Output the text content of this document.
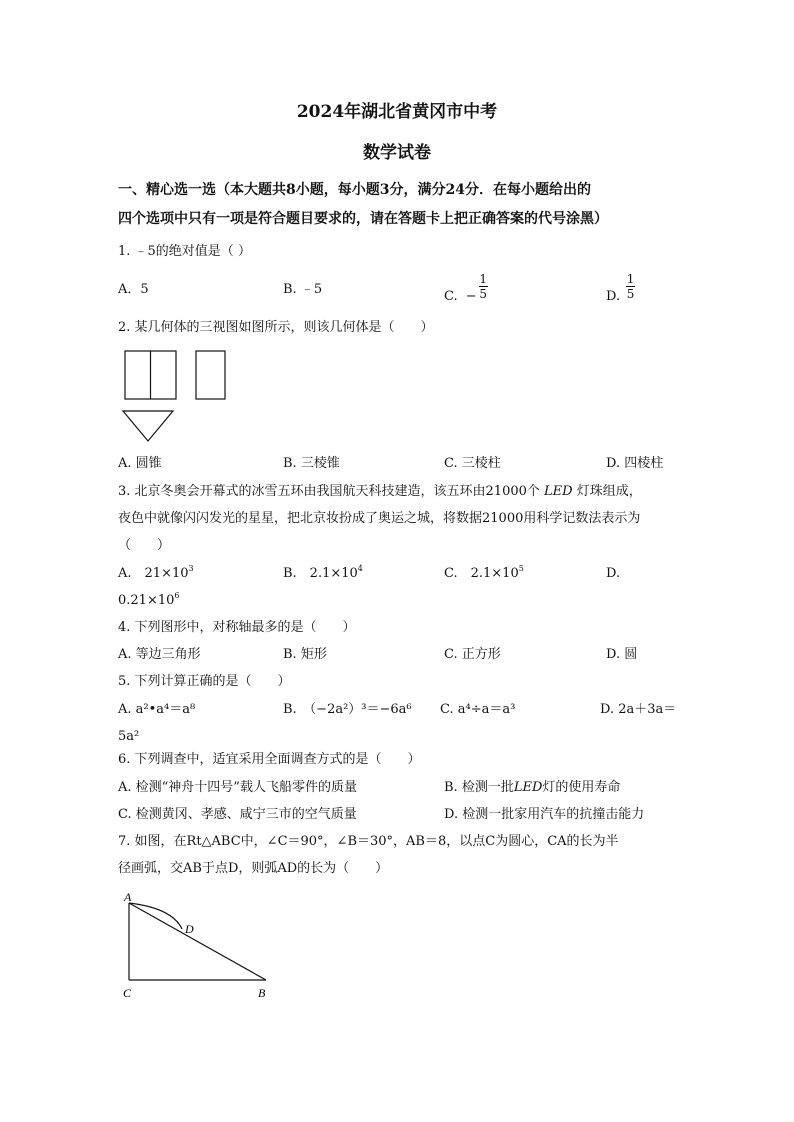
2024年湖北省黄冈市中考
数学试卷
一、精心选一选（本大题共8小题，每小题3分，满分24分．在每小题给出的
四个选项中只有一项是符合题目要求的，请在答题卡上把正确答案的代号涂黑）
1. ﹣5的绝对值是（ ）
A．5	B. ﹣5	C. − $\frac{1}{5}$	D. $\frac{1}{5}$
2. 某几何体的三视图如图所示，则该几何体是（　　）
A. 圆锥	B. 三棱锥	C. 三棱柱	D. 四棱柱
3. 北京冬奥会开幕式的冰雪五环由我国航天科技建造，该五环由21000个 LED 灯珠组成，
夜色中就像闪闪发光的星星，把北京妆扮成了奥运之城，将数据21000用科学记数法表示为
（　　）
A.　$21\times 10^3$	B.　$2.1\times 10^4$	C.　$2.1\times 10^5$	D.
$0.21\times 10^6$
4. 下列图形中，对称轴最多的是（　　）
A. 等边三角形	B. 矩形	C. 正方形	D. 圆
5. 下列计算正确的是（　　）
A. a²•a⁴＝a⁸	B.　（−2a²）³＝−6a⁶ C. a⁴÷a＝a³	D. 2a＋3a＝
5a²
6. 下列调查中，适宜采用全面调查方式的是（　　）
A. 检测“神舟十四号”载人飞船零件的质量	B. 检测一批LED灯的使用寿命
C. 检测黄冈、孝感、咸宁三市的空气质量	D. 检测一批家用汽车的抗撞击能力
7. 如图，在Rt△ABC中，∠C＝90°，∠B＝30°，AB＝8，以点C为圆心，CA的长为半
径画弧，交AB于点D，则弧AD的长为（　　）
A
D
C	B
